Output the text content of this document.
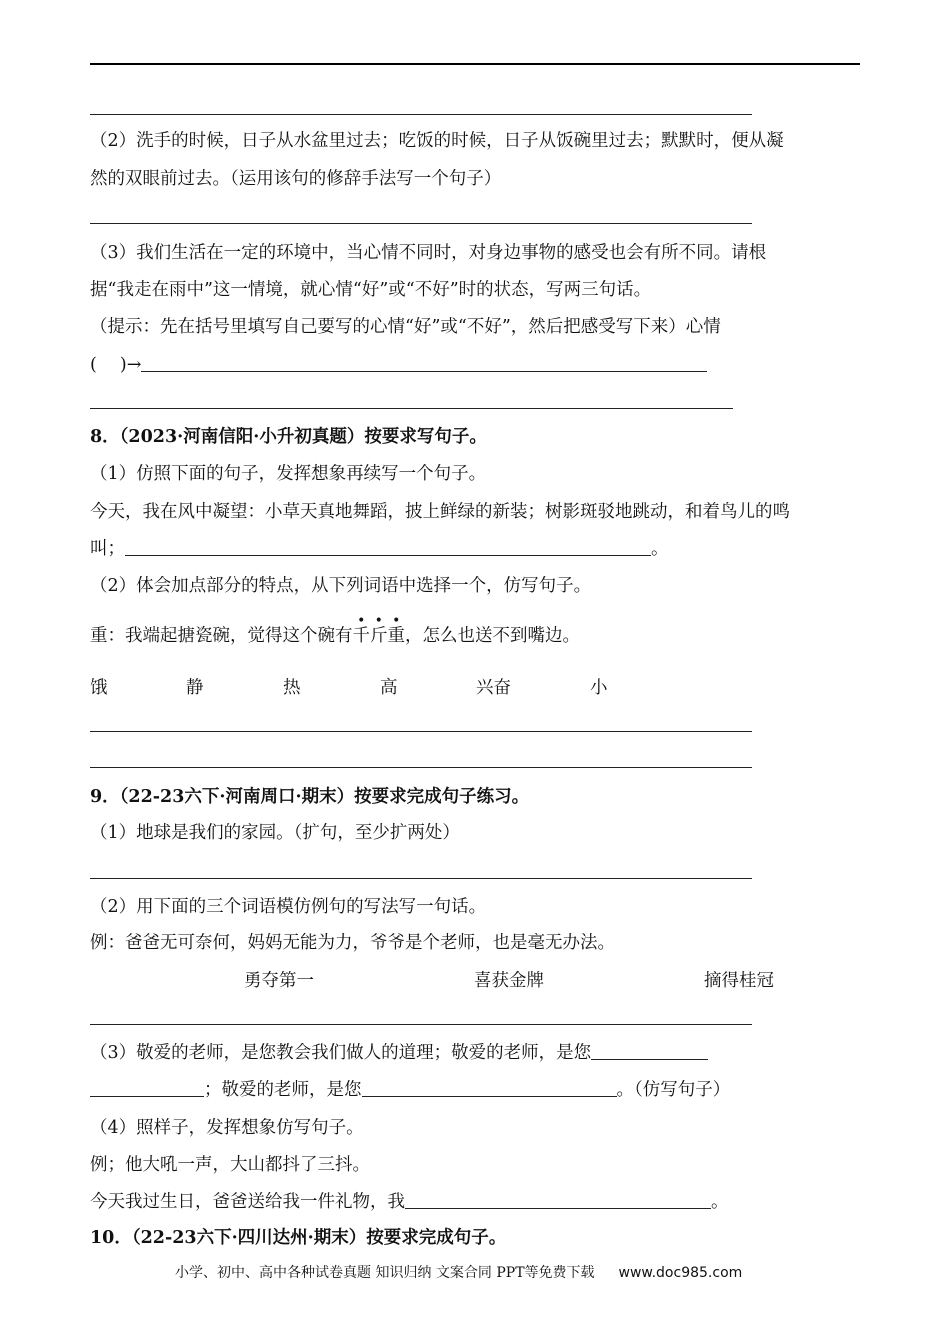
（2）洗手的时候，日子从水盆里过去；吃饭的时候，日子从饭碗里过去；默默时，便从凝
然的双眼前过去。（运用该句的修辞手法写一个句子）
（3）我们生活在一定的环境中，当心情不同时，对身边事物的感受也会有所不同。请根
据“我走在雨中”这一情境，就心情“好”或“不好”时的状态，写两三句话。
（提示：先在括号里填写自己要写的心情“好”或“不好”，然后把感受写下来）心情
(　 )→
8．（2023·河南信阳·小升初真题）按要求写句子。
（1）仿照下面的句子，发挥想象再续写一个句子。
今天，我在风中凝望：小草天真地舞蹈，披上鲜绿的新装；树影斑驳地跳动，和着鸟儿的鸣
叫；	。
（2）体会加点部分的特点，从下列词语中选择一个，仿写句子。
重：我端起搪瓷碗，觉得这个碗有
•
千
•
斤
•
重，怎么也送不到嘴边。
饿	静	热	高	兴奋	小
9．（22-23六下·河南周口·期末）按要求完成句子练习。
（1）地球是我们的家园。（扩句，至少扩两处）
（2）用下面的三个词语模仿例句的写法写一句话。
例：爸爸无可奈何，妈妈无能为力，爷爷是个老师，也是毫无办法。
勇夺第一	喜获金牌	摘得桂冠
（3）敬爱的老师，是您教会我们做人的道理；敬爱的老师，是您
；敬爱的老师，是您	。（仿写句子）
（4）照样子，发挥想象仿写句子。
例；他大吼一声，大山都抖了三抖。
今天我过生日，爸爸送给我一件礼物，我	。
10．（22-23六下·四川达州·期末）按要求完成句子。
小学、初中、高中各种试卷真题 知识归纳 文案合同 PPT等免费下载 www.doc985.com
